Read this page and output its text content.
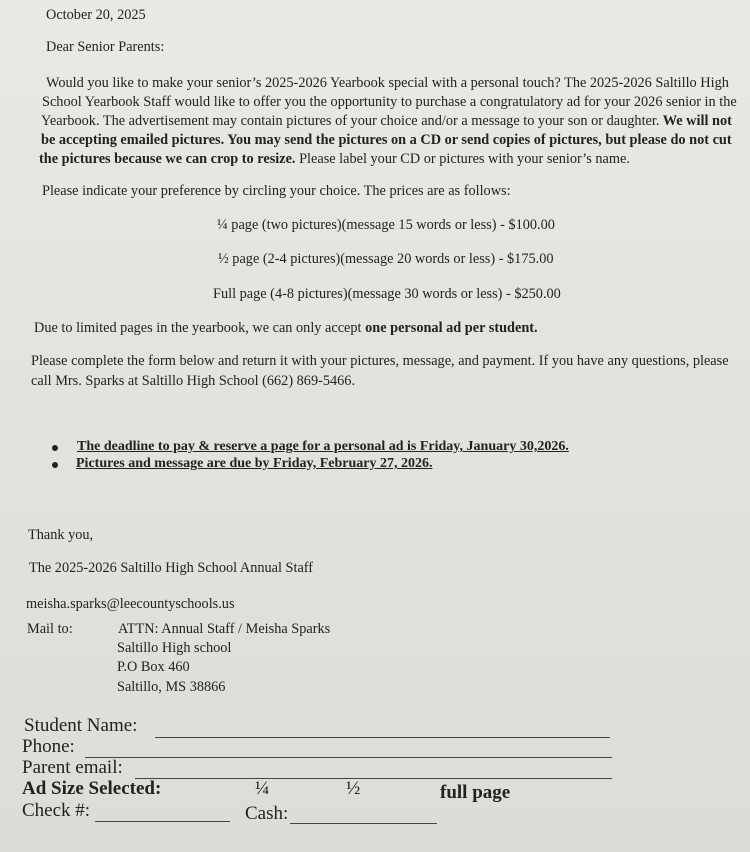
October 20, 2025
Dear Senior Parents:
Would you like to make your senior’s 2025-2026 Yearbook special with a personal touch? The 2025-2026 Saltillo High
School Yearbook Staff would like to offer you the opportunity to purchase a congratulatory ad for your 2026 senior in the
Yearbook. The advertisement may contain pictures of your choice and/or a message to your son or daughter. We will not
be accepting emailed pictures. You may send the pictures on a CD or send copies of pictures, but please do not cut
the pictures because we can crop to resize. Please label your CD or pictures with your senior’s name.
Please indicate your preference by circling your choice. The prices are as follows:
¼ page (two pictures)(message 15 words or less) - $100.00
½ page (2-4 pictures)(message 20 words or less) - $175.00
Full page (4-8 pictures)(message 30 words or less) - $250.00
Due to limited pages in the yearbook, we can only accept one personal ad per student.
Please complete the form below and return it with your pictures, message, and payment. If you have any questions, please
call Mrs. Sparks at Saltillo High School (662) 869-5466.
The deadline to pay & reserve a page for a personal ad is Friday, January 30,2026.
Pictures and message are due by Friday, February 27, 2026.
Thank you,
The 2025-2026 Saltillo High School Annual Staff
meisha.sparks@leecountyschools.us
Mail to:	ATTN: Annual Staff / Meisha Sparks
Saltillo High school
P.O Box 460
Saltillo, MS 38866
Student Name:
Phone:
Parent email:
Ad Size Selected:	¼	½	full page
Check #:	Cash:
